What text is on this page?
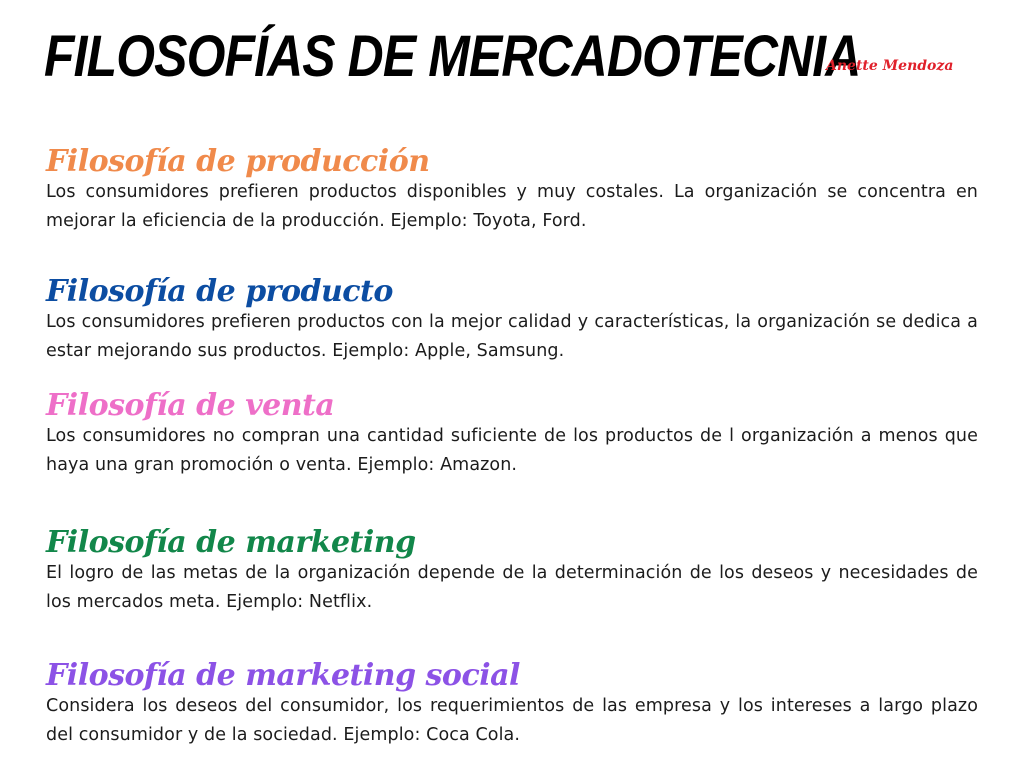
FILOSOFÍAS DE MERCADOTECNIA
Anette Mendoza
Filosofía de producción

Los consumidores prefieren productos disponibles y muy costales. La organización se concentra en mejorar la eficiencia de la producción. Ejemplo: Toyota, Ford.

Filosofía de producto

Los consumidores prefieren productos con la mejor calidad y características, la organización se dedica a estar mejorando sus productos. Ejemplo: Apple, Samsung.

Filosofía de venta

Los consumidores no compran una cantidad suficiente de los productos de l organización a menos que haya una gran promoción o venta. Ejemplo: Amazon.

Filosofía de marketing

El logro de las metas de la organización depende de la determinación de los deseos y necesidades de los mercados meta. Ejemplo: Netflix.

Filosofía de marketing social

Considera los deseos del consumidor, los requerimientos de las empresa y los intereses a largo plazo del consumidor y de la sociedad. Ejemplo: Coca Cola.
